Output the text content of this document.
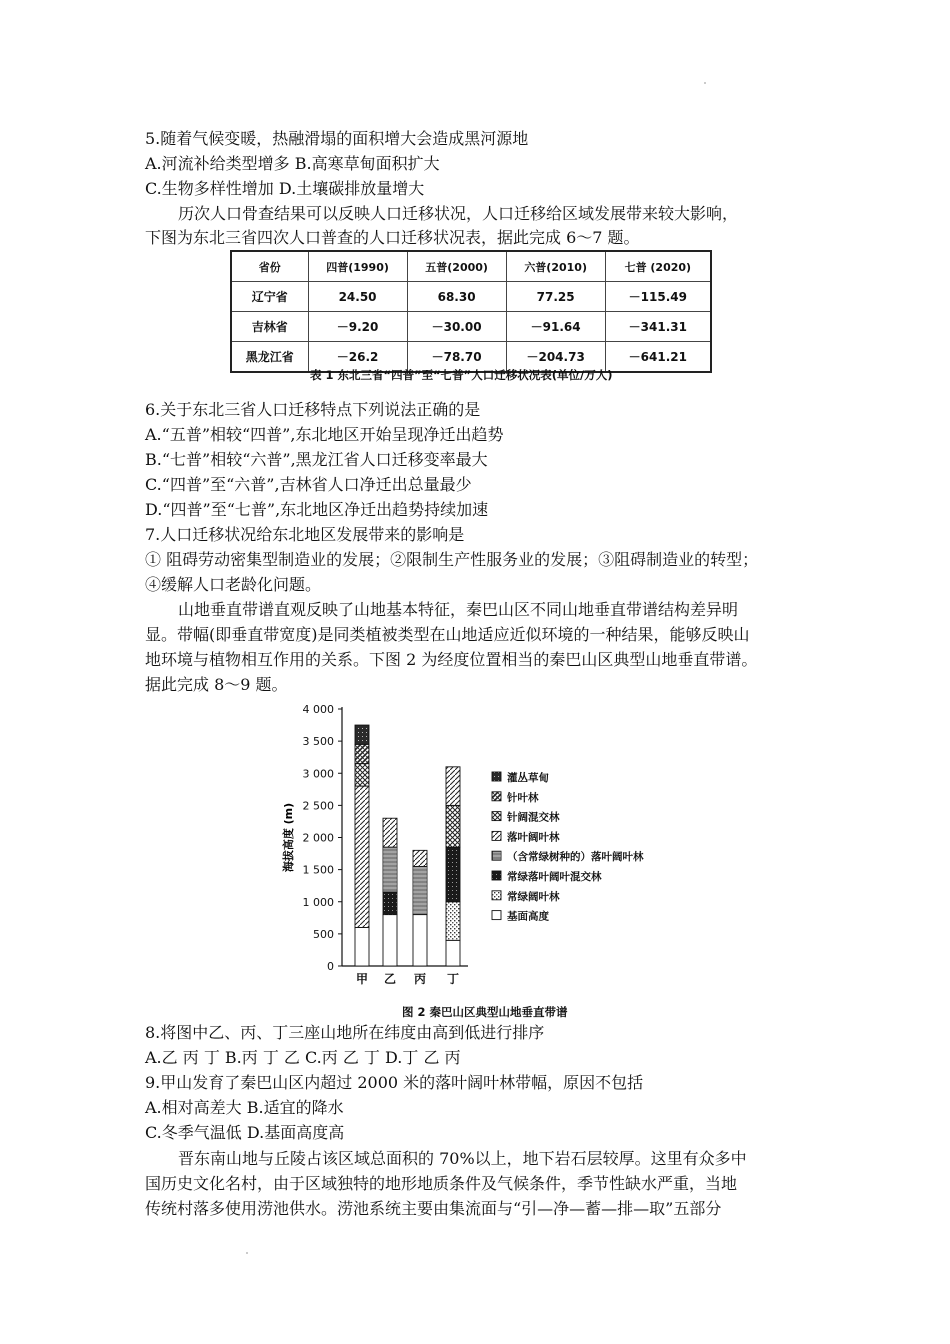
5.随着气候变暖，热融滑塌的面积增大会造成黑河源地
A.河流补给类型增多 B.高寒草甸面积扩大
C.生物多样性增加 D.土壤碳排放量增大
历次人口骨查结果可以反映人口迁移状况，人口迁移给区域发展带来较大影响，
下图为东北三省四次人口普查的人口迁移状况表，据此完成 6～7 题。
省份	四普(1990)	五普(2000)	六普(2010)	七普 (2020)
辽宁省	24.50	68.30	77.25	－115.49
吉林省	－9.20	－30.00	－91.64	－341.31
黑龙江省	－26.2	－78.70	－204.73	－641.21
表 1 东北三省“四普”至“七普”人口迁移状况表(单位/万人)
6.关于东北三省人口迁移特点下列说法正确的是
A.“五普”相较“四普”,东北地区开始呈现净迁出趋势
B.“七普”相较“六普”,黑龙江省人口迁移变率最大
C.“四普”至“六普”,吉林省人口净迁出总量最少
D.“四普”至“七普”,东北地区净迁出趋势持续加速
7.人口迁移状况给东北地区发展带来的影响是
① 阻碍劳动密集型制造业的发展；②限制生产性服务业的发展；③阻碍制造业的转型；
④缓解人口老龄化问题。
山地垂直带谱直观反映了山地基本特征，秦巴山区不同山地垂直带谱结构差异明
显。带幅(即垂直带宽度)是同类植被类型在山地适应近似环境的一种结果，能够反映山
地环境与植物相互作用的关系。下图 2 为经度位置相当的秦巴山区典型山地垂直带谱。
据此完成 8～9 题。
海拔高度 (m)
0
500
1 000
1 500
2 000
2 500
3 000
3 500
4 000
灌丛草甸
针叶林
针阔混交林
落叶阔叶林
（含常绿树种的）落叶阔叶林
常绿落叶阔叶混交林
常绿阔叶林
基面高度
甲 乙 丙 丁
图 2 秦巴山区典型山地垂直带谱
8.将图中乙、丙、丁三座山地所在纬度由高到低进行排序
A.乙 丙 丁 B.丙 丁 乙 C.丙 乙 丁 D.丁 乙 丙
9.甲山发育了秦巴山区内超过 2000 米的落叶阔叶林带幅，原因不包括
A.相对高差大 B.适宜的降水
C.冬季气温低 D.基面高度高
晋东南山地与丘陵占该区域总面积的 70%以上，地下岩石层较厚。这里有众多中
国历史文化名村，由于区域独特的地形地质条件及气候条件，季节性缺水严重，当地
传统村落多使用涝池供水。涝池系统主要由集流面与“引—净—蓄—排—取”五部分
